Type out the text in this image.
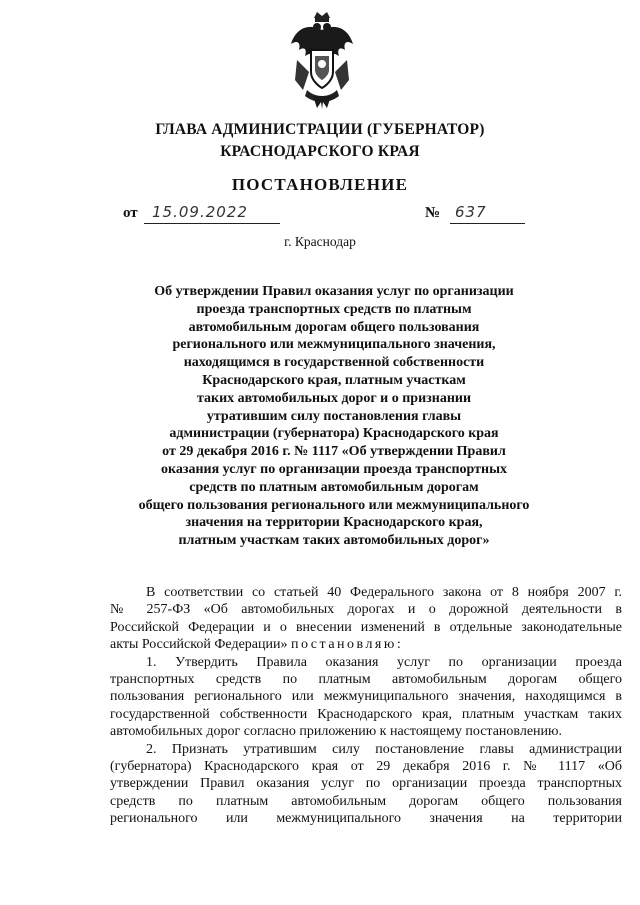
ГЛАВА АДМИНИСТРАЦИИ (ГУБЕРНАТОР)
КРАСНОДАРСКОГО КРАЯ
ПОСТАНОВЛЕНИЕ
от 15.09.2022	№ 637
г. Краснодар
Об утверждении Правил оказания услуг по организации
проезда транспортных средств по платным
автомобильным дорогам общего пользования
регионального или межмуниципального значения,
находящимся в государственной собственности
Краснодарского края, платным участкам
таких автомобильных дорог и о признании
утратившим силу постановления главы
администрации (губернатора) Краснодарского края
от 29 декабря 2016 г. № 1117 «Об утверждении Правил
оказания услуг по организации проезда транспортных
средств по платным автомобильным дорогам
общего пользования регионального или межмуниципального
значения на территории Краснодарского края,
платным участкам таких автомобильных дорог»
В соответствии со статьей 40 Федерального закона от 8 ноября 2007 г.
№ 257-ФЗ «Об автомобильных дорогах и о дорожной деятельности в
Российской Федерации и о внесении изменений в отдельные законодательные
акты Российской Федерации» постановляю:
1. Утвердить Правила оказания услуг по организации проезда
транспортных средств по платным автомобильным дорогам общего
пользования регионального или межмуниципального значения, находящимся в
государственной собственности Краснодарского края, платным участкам таких
автомобильных дорог согласно приложению к настоящему постановлению.
2. Признать утратившим силу постановление главы администрации
(губернатора) Краснодарского края от 29 декабря 2016 г. № 1117 «Об
утверждении Правил оказания услуг по организации проезда транспортных
средств по платным автомобильным дорогам общего пользования
регионального или межмуниципального значения на территории
